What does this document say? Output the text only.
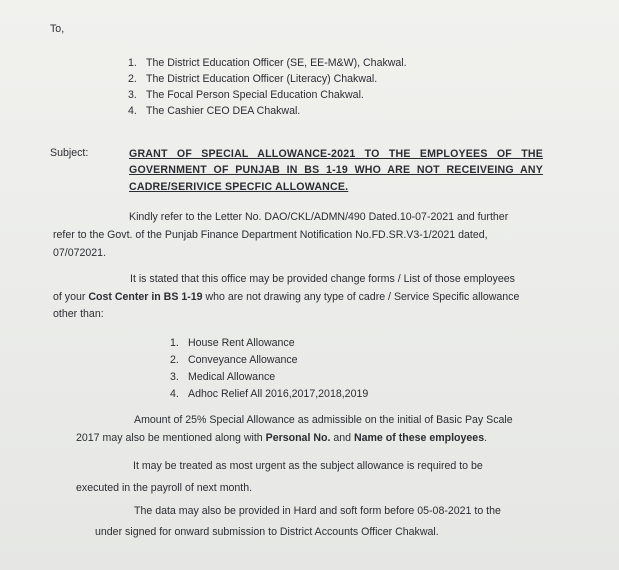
To,
1. The District Education Officer (SE, EE-M&W), Chakwal.
2. The District Education Officer (Literacy) Chakwal.
3. The Focal Person Special Education Chakwal.
4. The Cashier CEO DEA Chakwal.
Subject:	GRANT OF SPECIAL ALLOWANCE-2021 TO THE EMPLOYEES OF THE
GOVERNMENT OF PUNJAB IN BS 1-19 WHO ARE NOT RECEIVEING ANY
CADRE/SERIVICE SPECFIC ALLOWANCE.
Kindly refer to the Letter No. DAO/CKL/ADMN/490 Dated.10-07-2021 and further
refer to the Govt. of the Punjab Finance Department Notification No.FD.SR.V3-1/2021 dated,
07/072021.
It is stated that this office may be provided change forms / List of those employees
of your Cost Center in BS 1-19 who are not drawing any type of cadre / Service Specific allowance
other than:
1. House Rent Allowance
2. Conveyance Allowance
3. Medical Allowance
4. Adhoc Relief All 2016,2017,2018,2019
Amount of 25% Special Allowance as admissible on the initial of Basic Pay Scale
2017 may also be mentioned along with Personal No. and Name of these employees.
It may be treated as most urgent as the subject allowance is required to be
executed in the payroll of next month.
The data may also be provided in Hard and soft form before 05-08-2021 to the
under signed for onward submission to District Accounts Officer Chakwal.
